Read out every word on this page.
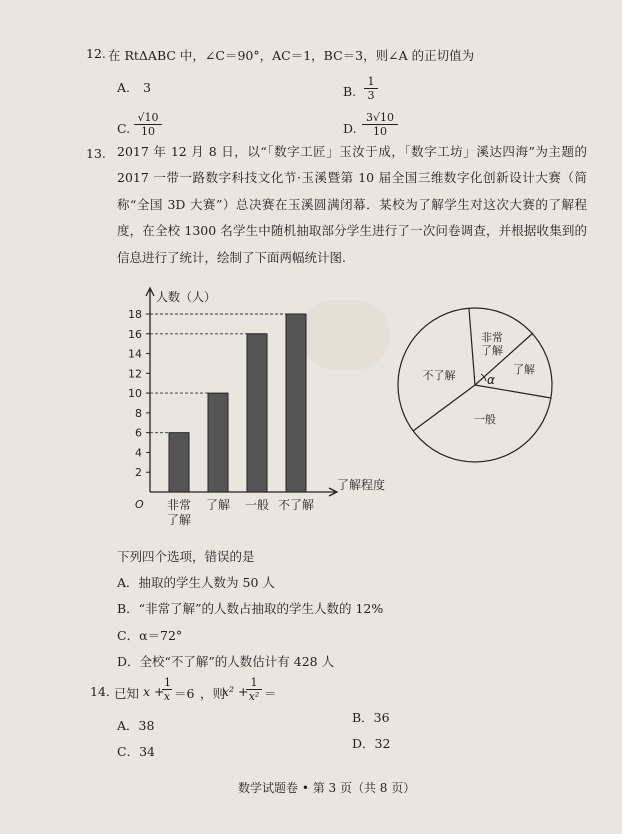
12. 在 RtΔABC 中，∠C＝90°，AC＝1，BC＝3，则∠A 的正切值为
A. 3	B. $\frac{1}{3}$
C. $\frac{√10}{10}$	D. $\frac{3√10}{10}$
13. 2017 年 12 月 8 日，以“「数字工匠」玉汝于成，「数字工坊」溪达四海”为主题的 2017 一带一路数字科技文化节·玉溪暨第 10 届全国三维数字化创新设计大赛（简称“全国 3D 大赛”）总决赛在玉溪圆满闭幕．某校为了解学生对这次大赛的了解程度，在全校 1300 名学生中随机抽取部分学生进行了一次问卷调查，并根据收集到的信息进行了统计，绘制了下面两幅统计图.
人数（人）
了解程度
O
2
4
6
8
10
12
14
16
18
非常
了解
了解 一般 不了解
α
非常
了解
了解
一般
不了解
下列四个选项，错误的是
A．抽取的学生人数为 50 人
B．“非常了解”的人数占抽取的学生人数的 12%
C．α＝72°
D．全校“不了解”的人数估计有 428 人
14. 已知 x +
$\frac{1}{x} =6$ ，则
x² +
$\frac{1}{\text{x²}}$ ＝
A．38
B．36
C．34
D．32
数学试题卷 • 第 3 页（共 8 页）
